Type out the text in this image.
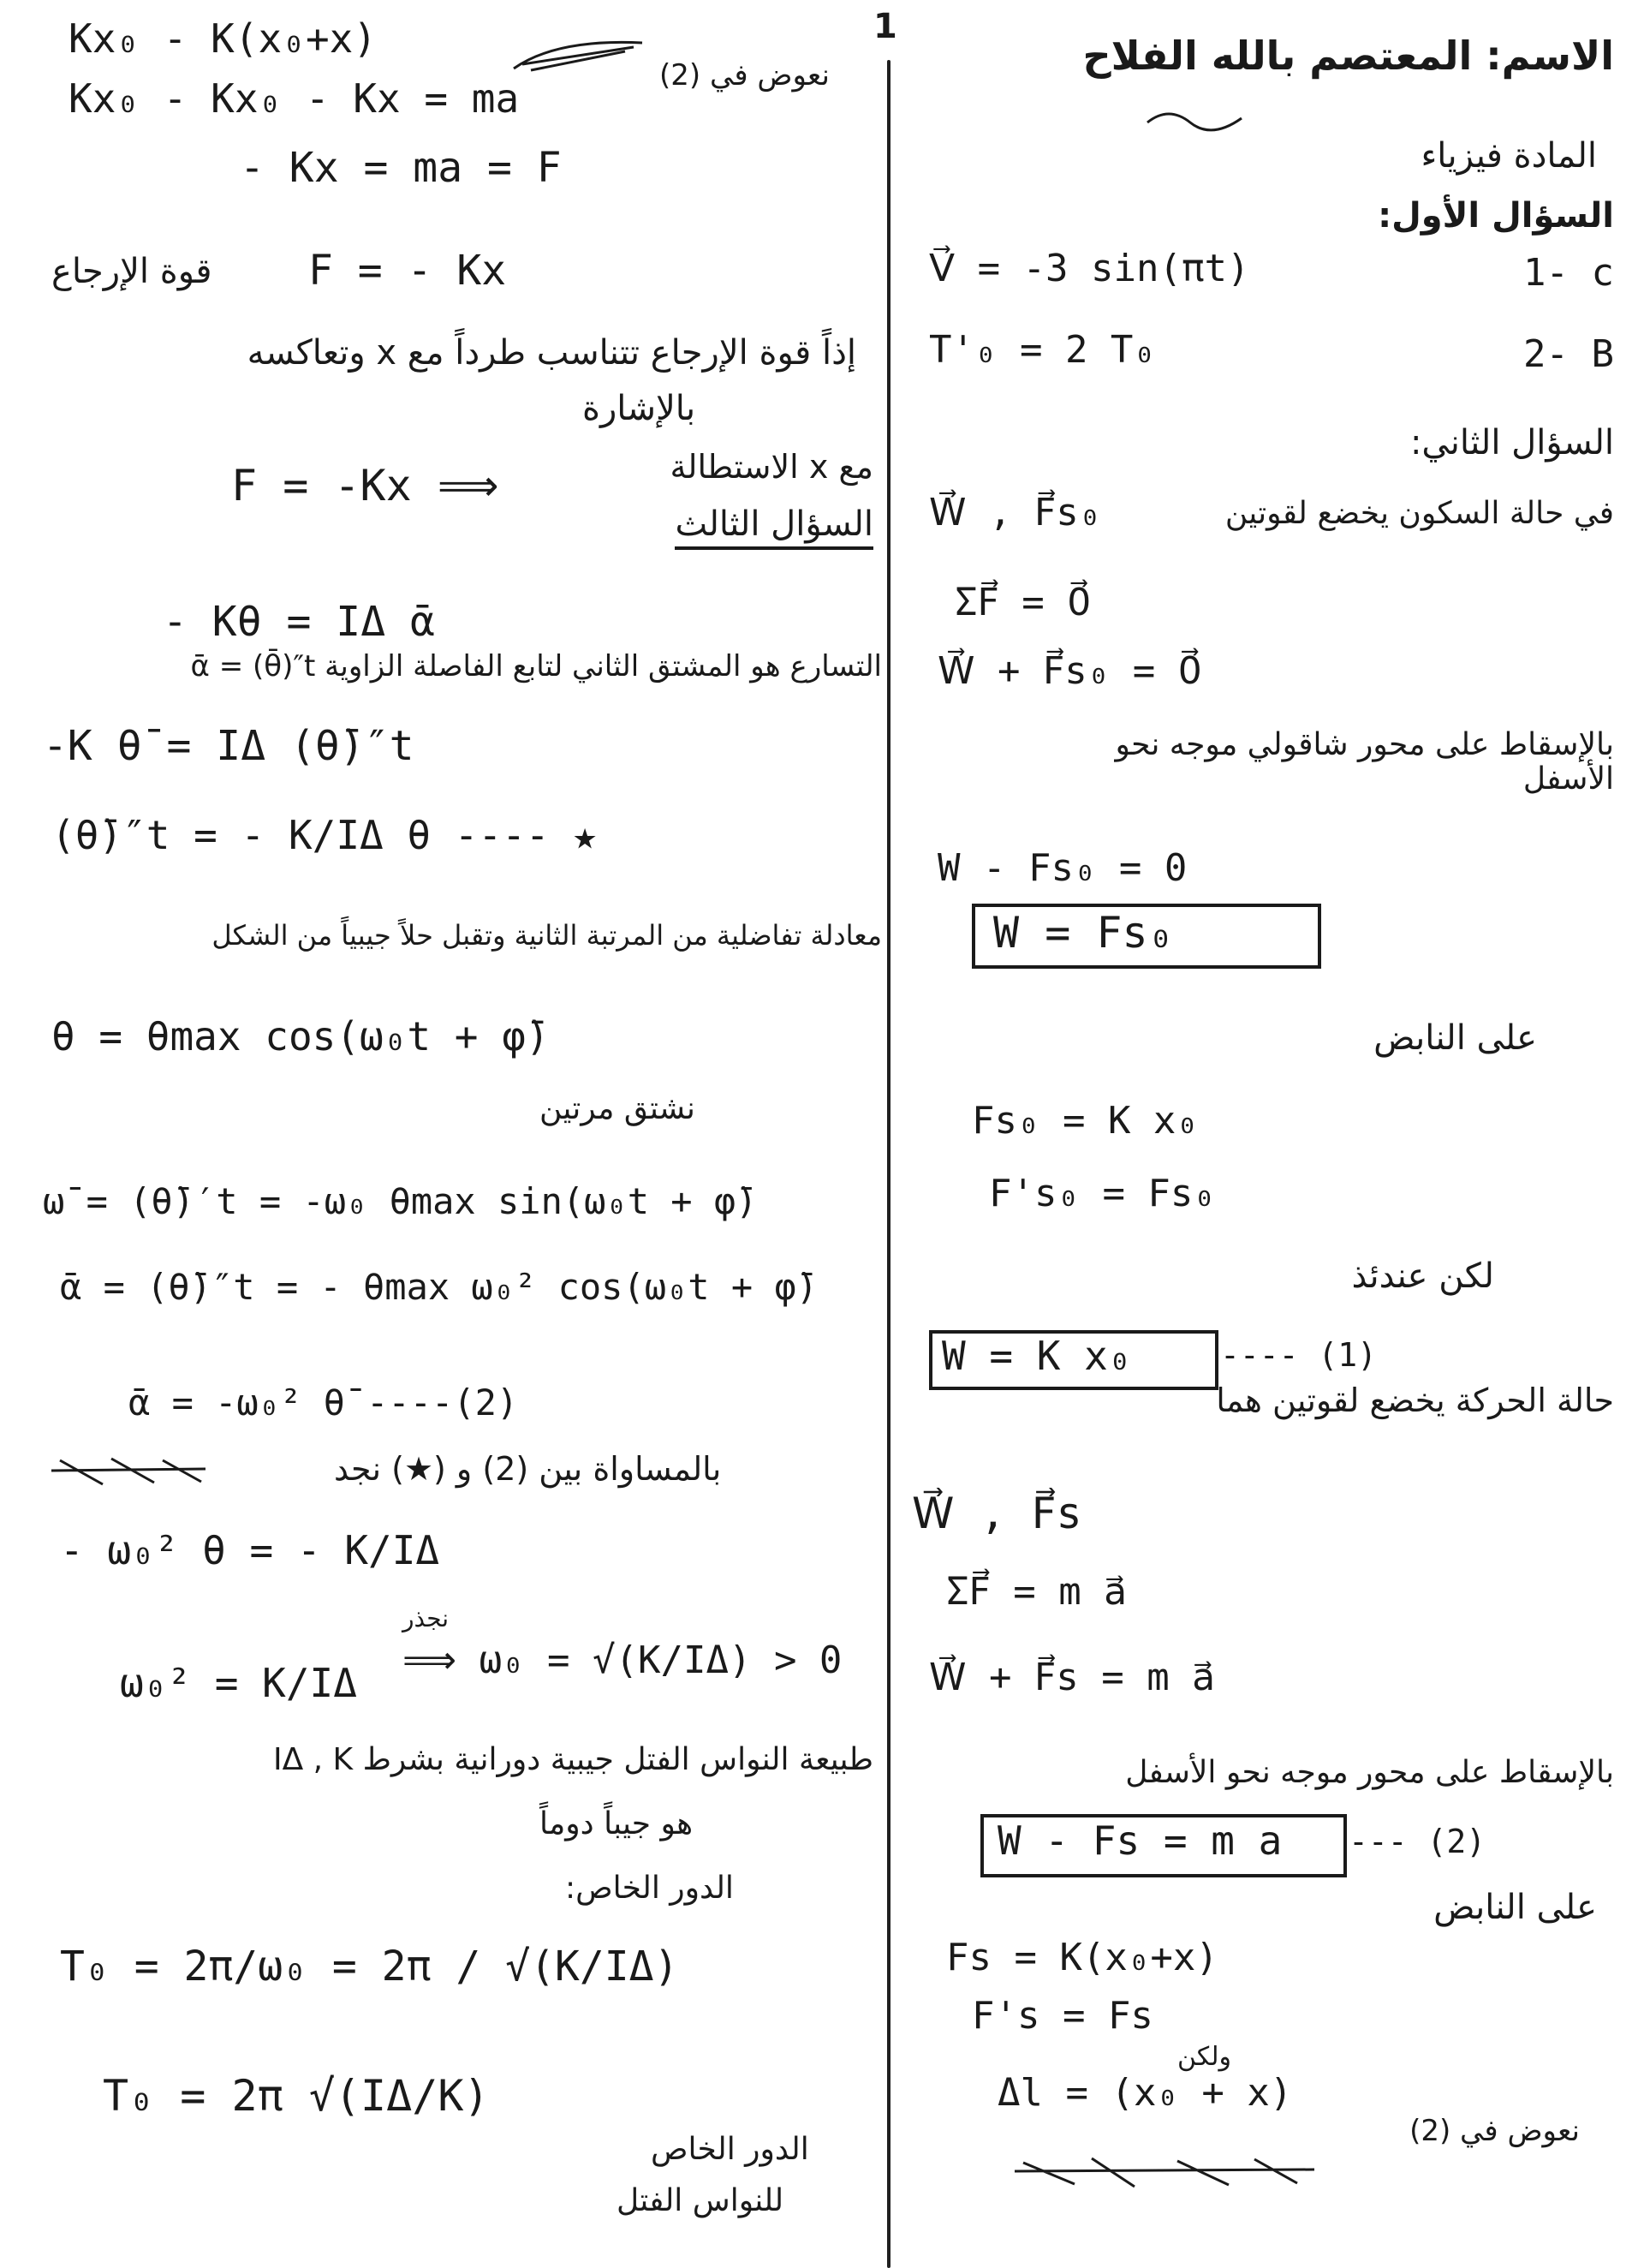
1
الاسم: المعتصم بالله الفلاح
المادة فيزياء
السؤال الأول:
V⃗ = -3 sin(πt)	1- c
T'₀ = 2 T₀	2- B
السؤال الثاني:
W⃗ , F⃗s₀	في حالة السكون يخضع لقوتين
ΣF⃗ = 0⃗
W⃗ + F⃗s₀ = 0⃗
بالإسقاط على محور شاقولي موجه نحو الأسفل
W - Fs₀ = 0
W = Fs₀
على النابض
Fs₀ = K x₀
F's₀ = Fs₀
لكن عندئذ
W = K x₀	---- (1)
حالة الحركة يخضع لقوتين هما
W⃗ , F⃗s
ΣF⃗ = m a⃗
W⃗ + F⃗s = m a⃗
بالإسقاط على محور موجه نحو الأسفل
W - Fs = m a --- (2)
على النابض
Fs = K(x₀+x)
F's = Fs
ولكن
Δl = (x₀ + x)
نعوض في (2)
Kx₀ - K(x₀+x)
نعوض في (2)
Kx₀ - Kx₀ - Kx = ma
- Kx = ma = F
F = - Kx
قوة الإرجاع
إذاً قوة الإرجاع تتناسب طرداً مع x وتعاكسه
بالإشارة
F = -Kx ⟹	مع x الاستطالة
السؤال الثالث
- Kθ = IΔ ᾱ
التسارع هو المشتق الثاني لتابع الفاصلة الزاوية ᾱ = (θ̄)″t
-K θ̄ = IΔ (θ̄)″t
(θ̄)″t = - K/IΔ θ ---- ★
معادلة تفاضلية من المرتبة الثانية وتقبل حلاً جيبياً من الشكل
θ = θmax cos(ω₀t + φ̄)
نشتق مرتين
ω̄ = (θ̄)′t = -ω₀ θmax sin(ω₀t + φ̄)
ᾱ = (θ̄)″t = - θmax ω₀² cos(ω₀t + φ̄)
ᾱ = -ω₀² θ̄ ----(2)
بالمساواة بين (2) و (★) نجد
- ω₀² θ = - K/IΔ
نجذر
ω₀² = K/IΔ ⟹ ω₀ = √(K/IΔ) > 0
طبيعة النواس الفتل جيبية دورانية بشرط IΔ , K
هو جيباً دوماً
الدور الخاص:
T₀ = 2π/ω₀ = 2π / √(K/IΔ)
T₀ = 2π √(IΔ/K)
الدور الخاص
للنواس الفتل
